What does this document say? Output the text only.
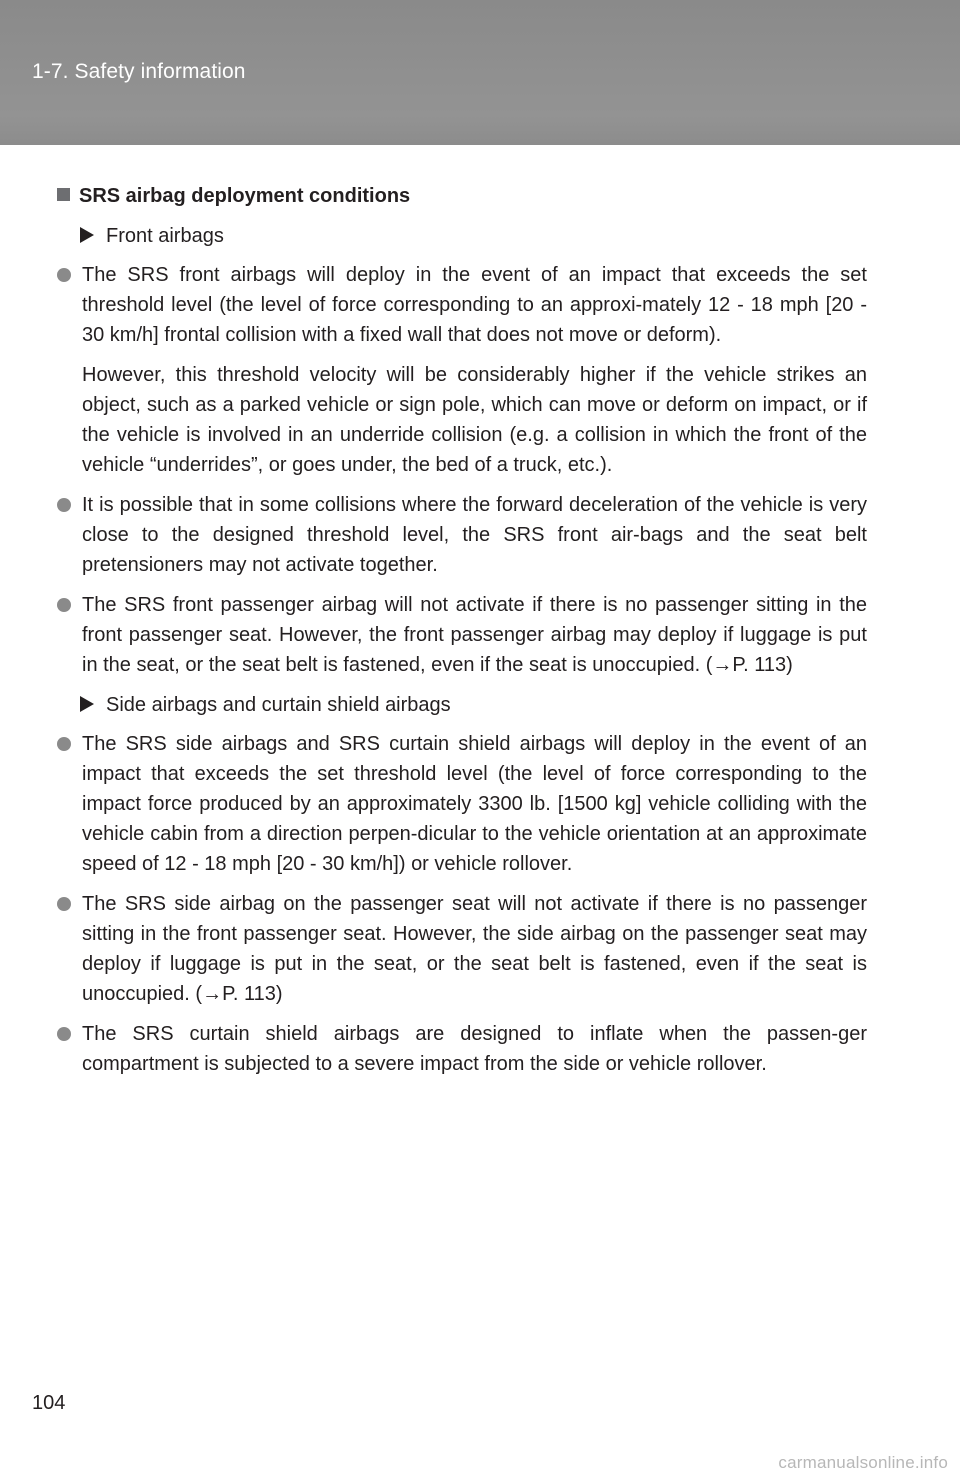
1-7. Safety information
SRS airbag deployment conditions
Front airbags
The SRS front airbags will deploy in the event of an impact that exceeds the set threshold level (the level of force corresponding to an approxi-mately 12 - 18 mph [20 - 30 km/h] frontal collision with a fixed wall that does not move or deform).
However, this threshold velocity will be considerably higher if the vehicle strikes an object, such as a parked vehicle or sign pole, which can move or deform on impact, or if the vehicle is involved in an underride collision (e.g. a collision in which the front of the vehicle “underrides”, or goes under, the bed of a truck, etc.).
It is possible that in some collisions where the forward deceleration of the vehicle is very close to the designed threshold level, the SRS front air-bags and the seat belt pretensioners may not activate together.
The SRS front passenger airbag will not activate if there is no passenger sitting in the front passenger seat. However, the front passenger airbag may deploy if luggage is put in the seat, or the seat belt is fastened, even if the seat is unoccupied. (→P. 113)
Side airbags and curtain shield airbags
The SRS side airbags and SRS curtain shield airbags will deploy in the event of an impact that exceeds the set threshold level (the level of force corresponding to the impact force produced by an approximately 3300 lb. [1500 kg] vehicle colliding with the vehicle cabin from a direction perpen-dicular to the vehicle orientation at an approximate speed of 12 - 18 mph [20 - 30 km/h]) or vehicle rollover.
The SRS side airbag on the passenger seat will not activate if there is no passenger sitting in the front passenger seat. However, the side airbag on the passenger seat may deploy if luggage is put in the seat, or the seat belt is fastened, even if the seat is unoccupied. (→P. 113)
The SRS curtain shield airbags are designed to inflate when the passen-ger compartment is subjected to a severe impact from the side or vehicle rollover.
104
carmanualsonline.info
